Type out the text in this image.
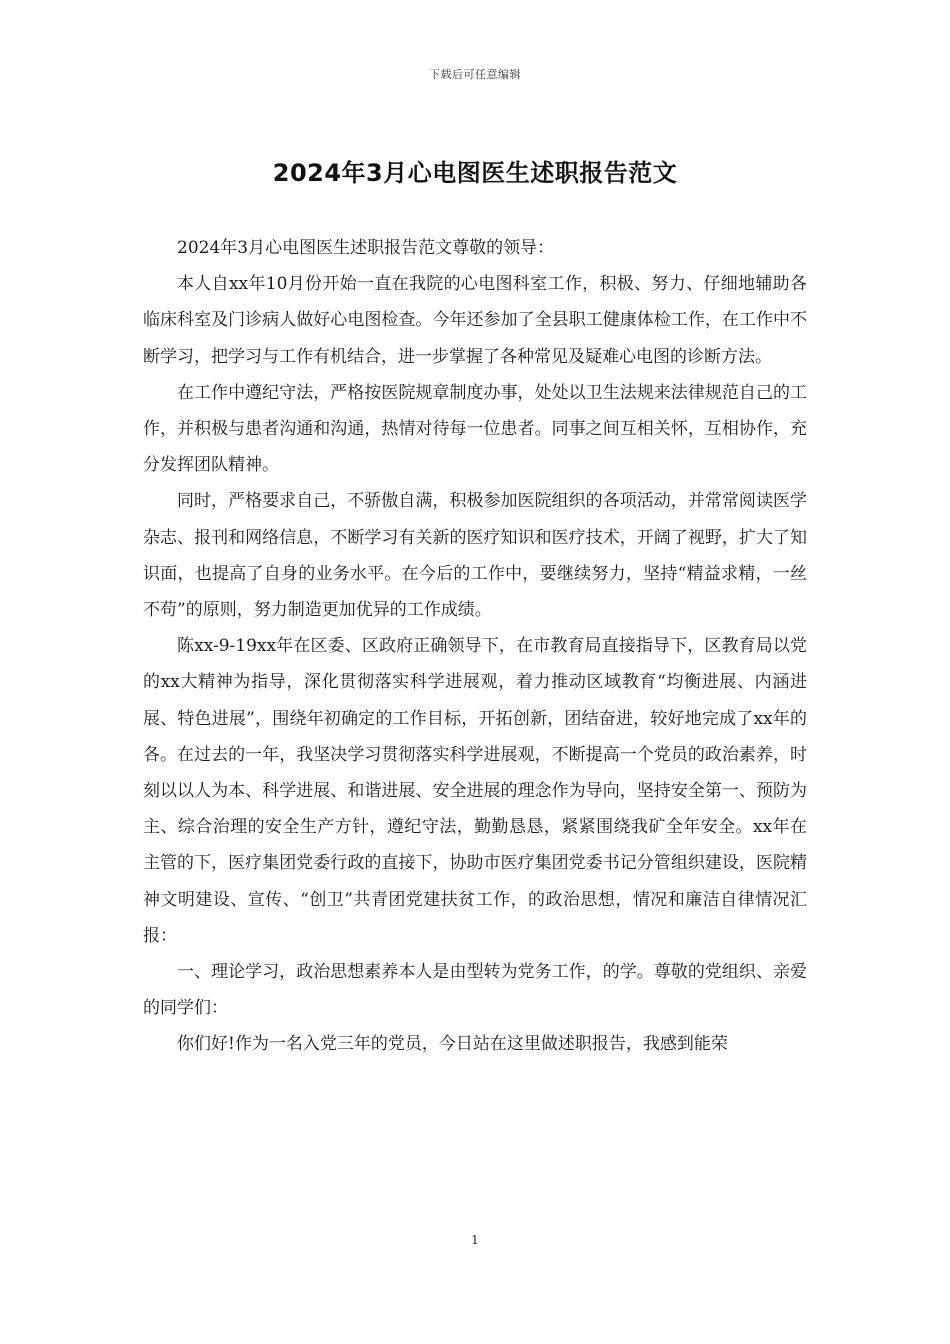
下载后可任意编辑
2024年3月心电图医生述职报告范文

2024年3月心电图医生述职报告范文尊敬的领导：

本人自xx年10月份开始一直在我院的心电图科室工作，积极、努力、仔细地辅助各临床科室及门诊病人做好心电图检查。今年还参加了全县职工健康体检工作，在工作中不断学习，把学习与工作有机结合，进一步掌握了各种常见及疑难心电图的诊断方法。

在工作中遵纪守法，严格按医院规章制度办事，处处以卫生法规来法律规范自己的工作，并积极与患者沟通和沟通，热情对待每一位患者。同事之间互相关怀，互相协作，充分发挥团队精神。

同时，严格要求自己，不骄傲自满，积极参加医院组织的各项活动，并常常阅读医学杂志、报刊和网络信息，不断学习有关新的医疗知识和医疗技术，开阔了视野，扩大了知识面，也提高了自身的业务水平。在今后的工作中，要继续努力，坚持“精益求精，一丝不苟”的原则，努力制造更加优异的工作成绩。

陈xx-9-19xx年在区委、区政府正确领导下，在市教育局直接指导下，区教育局以党的xx大精神为指导，深化贯彻落实科学进展观，着力推动区域教育“均衡进展、内涵进展、特色进展”，围绕年初确定的工作目标，开拓创新，团结奋进，较好地完成了xx年的各。在过去的一年，我坚决学习贯彻落实科学进展观，不断提高一个党员的政治素养，时刻以以人为本、科学进展、和谐进展、安全进展的理念作为导向，坚持安全第一、预防为主、综合治理的安全生产方针，遵纪守法，勤勤恳恳，紧紧围绕我矿全年安全。xx年在主管的下，医疗集团党委行政的直接下，协助市医疗集团党委书记分管组织建设，医院精神文明建设、宣传、“创卫”共青团党建扶贫工作，的政治思想，情况和廉洁自律情况汇报：

一、理论学习，政治思想素养本人是由型转为党务工作，的学。尊敬的党组织、亲爱的同学们：

你们好!作为一名入党三年的党员，今日站在这里做述职报告，我感到能荣

1
